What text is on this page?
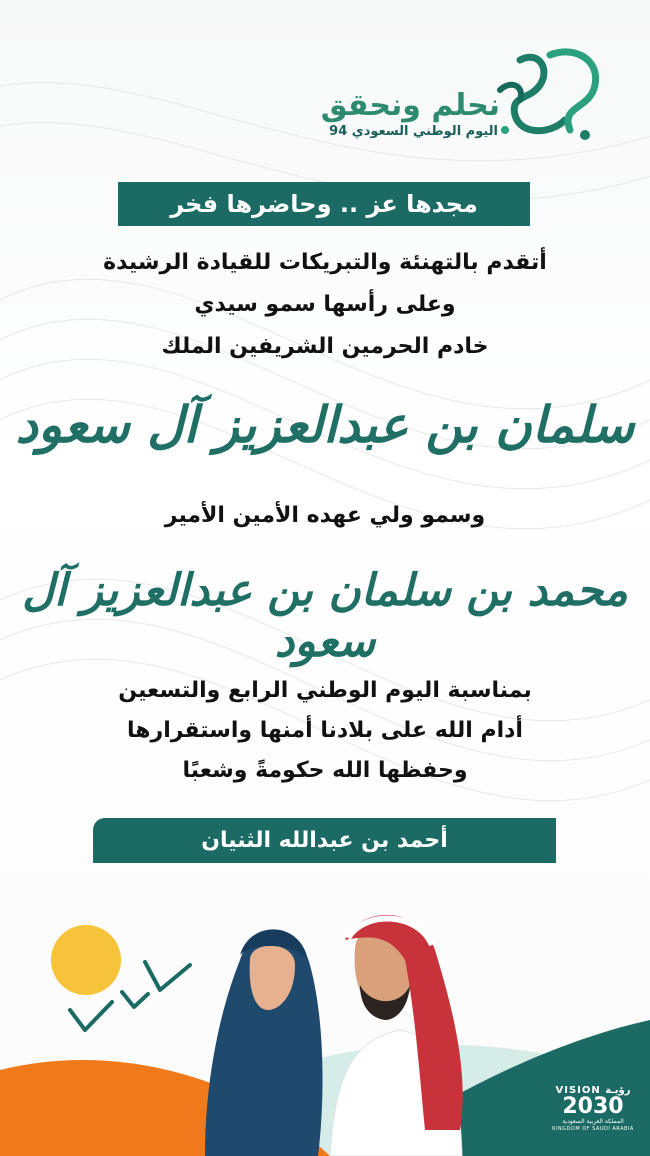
نحلم ونحقق
اليوم الوطني السعودي 94
مجدها عز .. وحاضرها فخر
أتقدم بالتهنئة والتبريكات للقيادة الرشيدة
وعلى رأسها سمو سيدي
خادم الحرمين الشريفين الملك
سلمان بن عبدالعزيز آل سعود
وسمو ولي عهده الأمين الأمير
محمد بن سلمان بن عبدالعزيز آل سعود
بمناسبة اليوم الوطني الرابع والتسعين
أدام الله على بلادنا أمنها واستقرارها
وحفظها الله حكومةً وشعبًا
أحمد بن عبدالله الثنيان
VISION رؤيـة
2030
المملكة العربية السعودية
KINGDOM OF SAUDI ARABIA
